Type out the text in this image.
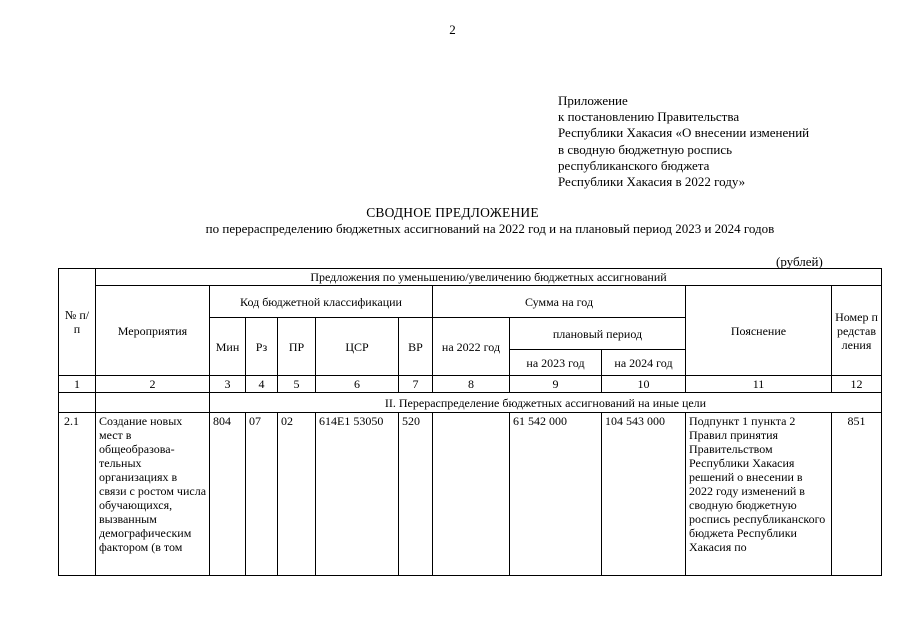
2
Приложение
к постановлению Правительства
Республики Хакасия «О внесении изменений
в сводную бюджетную роспись
республиканского бюджета
Республики Хакасия в 2022 году»
СВОДНОЕ ПРЕДЛОЖЕНИЕ
по перераспределению бюджетных ассигнований на 2022 год и на плановый период 2023 и 2024 годов
(рублей)
№ п/п	Предложения по уменьшению/увеличению бюджетных ассигнований										
	Мероприятия	Код бюджетной классификации					Сумма на год			Пояснение	Номер представления
		Мин	Рз	ПР	ЦСР	ВР	на 2022 год	плановый период			
								на 2023 год	на 2024 год		
1	2	3	4	5	6	7	8	9	10	11	12
		II. Перераспределение бюджетных ассигнований на иные цели									
2.1	Создание новых мест в общеобразова-тельных организациях в связи с ростом числа обучающихся, вызванным демографическим фактором (в том	804	07	02	614E1 53050	520		61 542 000	104 543 000	Подпункт 1 пункта 2 Правил принятия Правительством Республики Хакасия решений о внесении в 2022 году изменений в сводную бюджетную роспись республиканского бюджета Республики Хакасия по	851
